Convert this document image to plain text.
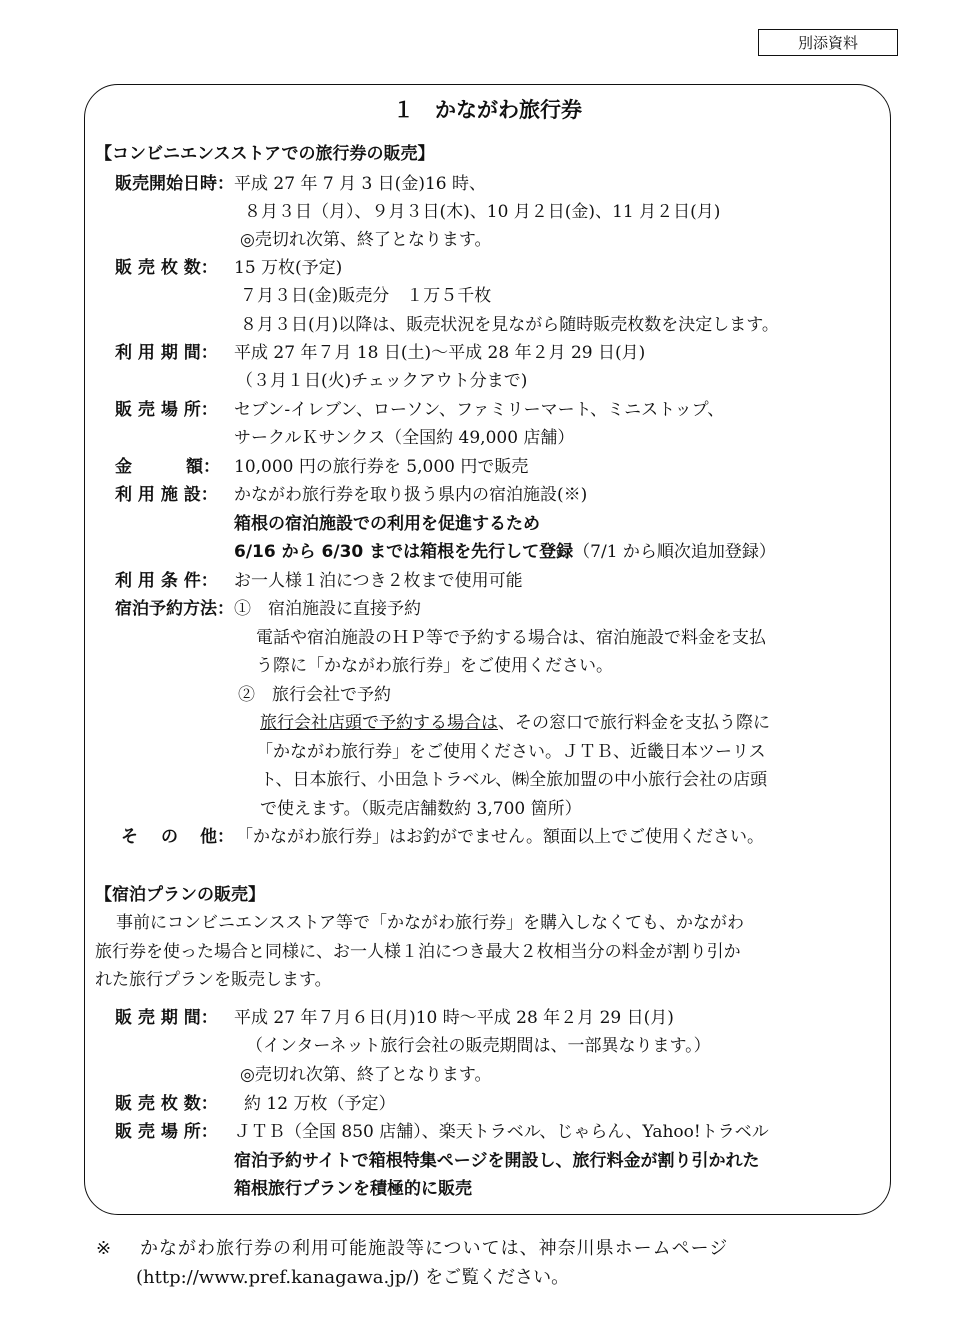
別添資料
１　かながわ旅行券
【コンビニエンスストアでの旅行券の販売】
販売開始日時： 平成 27 年 7 月 3 日(金)16 時、
８月３日（月）、９月３日(木)、10 月２日(金)、11 月２日(月)
◎売切れ次第、終了となります。
販 売 枚 数： 15 万枚(予定)
７月３日(金)販売分　１万５千枚
８月３日(月)以降は、販売状況を見ながら随時販売枚数を決定します。
利 用 期 間： 平成 27 年７月 18 日(土)～平成 28 年２月 29 日(月)
（３月１日(火)チェックアウト分まで)
販 売 場 所： セブン-イレブン、ローソン、ファミリーマート、ミニストップ、
サークルＫサンクス（全国約 49,000 店舗）
金	額： 10,000 円の旅行券を 5,000 円で販売
利 用 施 設： かながわ旅行券を取り扱う県内の宿泊施設(※)
箱根の宿泊施設での利用を促進するため
6/16 から 6/30 までは箱根を先行して登録（7/1 から順次追加登録）
利 用 条 件： お一人様１泊につき２枚まで使用可能
宿泊予約方法： ①　宿泊施設に直接予約
電話や宿泊施設のＨＰ等で予約する場合は、宿泊施設で料金を支払
う際に「かながわ旅行券」をご使用ください。
②　旅行会社で予約
旅行会社店頭で予約する場合は、その窓口で旅行料金を支払う際に
「かながわ旅行券」をご使用ください。ＪＴＢ、近畿日本ツーリス
ト、日本旅行、小田急トラベル、㈱全旅加盟の中小旅行会社の店頭
で使えます。（販売店舗数約 3,700 箇所）
そ の 他： 「かながわ旅行券」はお釣がでません。額面以上でご使用ください。
【宿泊プランの販売】
事前にコンビニエンスストア等で「かながわ旅行券」を購入しなくても、かながわ
旅行券を使った場合と同様に、お一人様１泊につき最大２枚相当分の料金が割り引か
れた旅行プランを販売します。
販 売 期 間： 平成 27 年７月６日(月)10 時～平成 28 年２月 29 日(月)
（インターネット旅行会社の販売期間は、一部異なります。）
◎売切れ次第、終了となります。
販 売 枚 数： 約 12 万枚（予定）
販 売 場 所： ＪＴＢ（全国 850 店舗）、楽天トラベル、じゃらん、Yahoo!トラベル
宿泊予約サイトで箱根特集ページを開設し、旅行料金が割り引かれた
箱根旅行プランを積極的に販売
※ かながわ旅行券の利用可能施設等については、神奈川県ホームページ
(http://www.pref.kanagawa.jp/) をご覧ください。
